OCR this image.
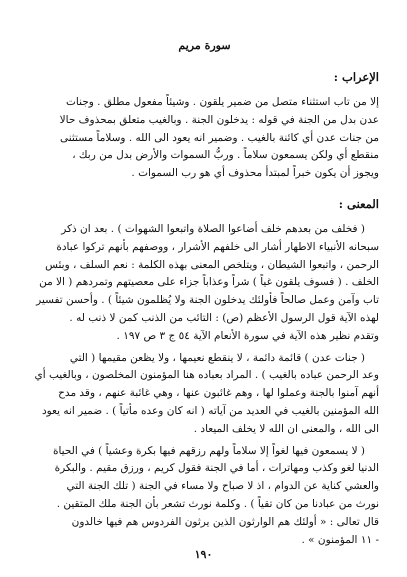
سورة مريم
الإعراب :
إلا من تاب استثناء متصل من ضمير يلقون . وشيئاً مفعول مطلق . وجنات
عدن بدل من الجنة في قوله : يدخلون الجنة . وبالغيب متعلق بمحذوف حالا
من جنات عدن أي كائنة بالغيب . وضمير انه يعود الى الله . وسلاماً مستثنى
منقطع أي ولكن يسمعون سلاماً . وربُّ السموات والأرض بدل من ربك ،
ويجوز أن يكون خبراً لمبتدأ محذوف أي هو رب السموات .
المعنى :
( فخلف من بعدهم خلف أضاعوا الصلاة واتبعوا الشهوات ) . بعد ان ذكر
سبحانه الأنبياء الاطهار أشار الى خلفهم الأشرار ، ووصفهم بأنهم تركوا عبادة
الرحمن ، واتبعوا الشيطان ، ويتلخص المعنى بهذه الكلمة : نعم السلف ، وبئس
الخلف . ( فسوف يلقون غياً ) شراً وعذاباً جزاء على معصيتهم وتمردهم ( الا من
تاب وآمن وعمل صالحاً فأولئك يدخلون الجنة ولا يُظلمون شيئاً ) . وأحسن تفسير
لهذه الآية قول الرسول الأعظم (ص) : التائب من الذنب كمن لا ذنب له .
وتقدم نظير هذه الآية في سورة الأنعام الآية ٥٤ ج ٣ ص ١٩٧ .
( جنات عدن ) قائمة دائمة ، لا ينقطع نعيمها ، ولا يظعن مقيمها ( التي
وعد الرحمن عباده بالغيب ) . المراد بعباده هنا المؤمنون المخلصون ، وبالغيب أي
أنهم آمنوا بالجنة وعملوا لها ، وهم غائبون عنها ، وهي غائبة عنهم ، وقد مدح
الله المؤمنين بالغيب في العديد من آياته ( انه كان وعده مأتياً ) . ضمير انه يعود
الى الله ، والمعنى ان الله لا يخلف الميعاد .
( لا يسمعون فيها لغواً إلا سلاماً ولهم رزقهم فيها بكرة وعشياً ) في الحياة
الدنيا لغو وكذب ومهاترات ، أما في الجنة فقول كريم ، ورزق مقيم . والبكرة
والعشي كناية عن الدوام ، اذ لا صباح ولا مساء في الجنة ( تلك الجنة التي
نورث من عبادنا من كان تقياً ) . وكلمة نورث تشعر بأن الجنة ملك المتقين .
قال تعالى : « أولئك هم الوارثون الذين يرثون الفردوس هم فيها خالدون
- ١١ المؤمنون » .
١٩٠
